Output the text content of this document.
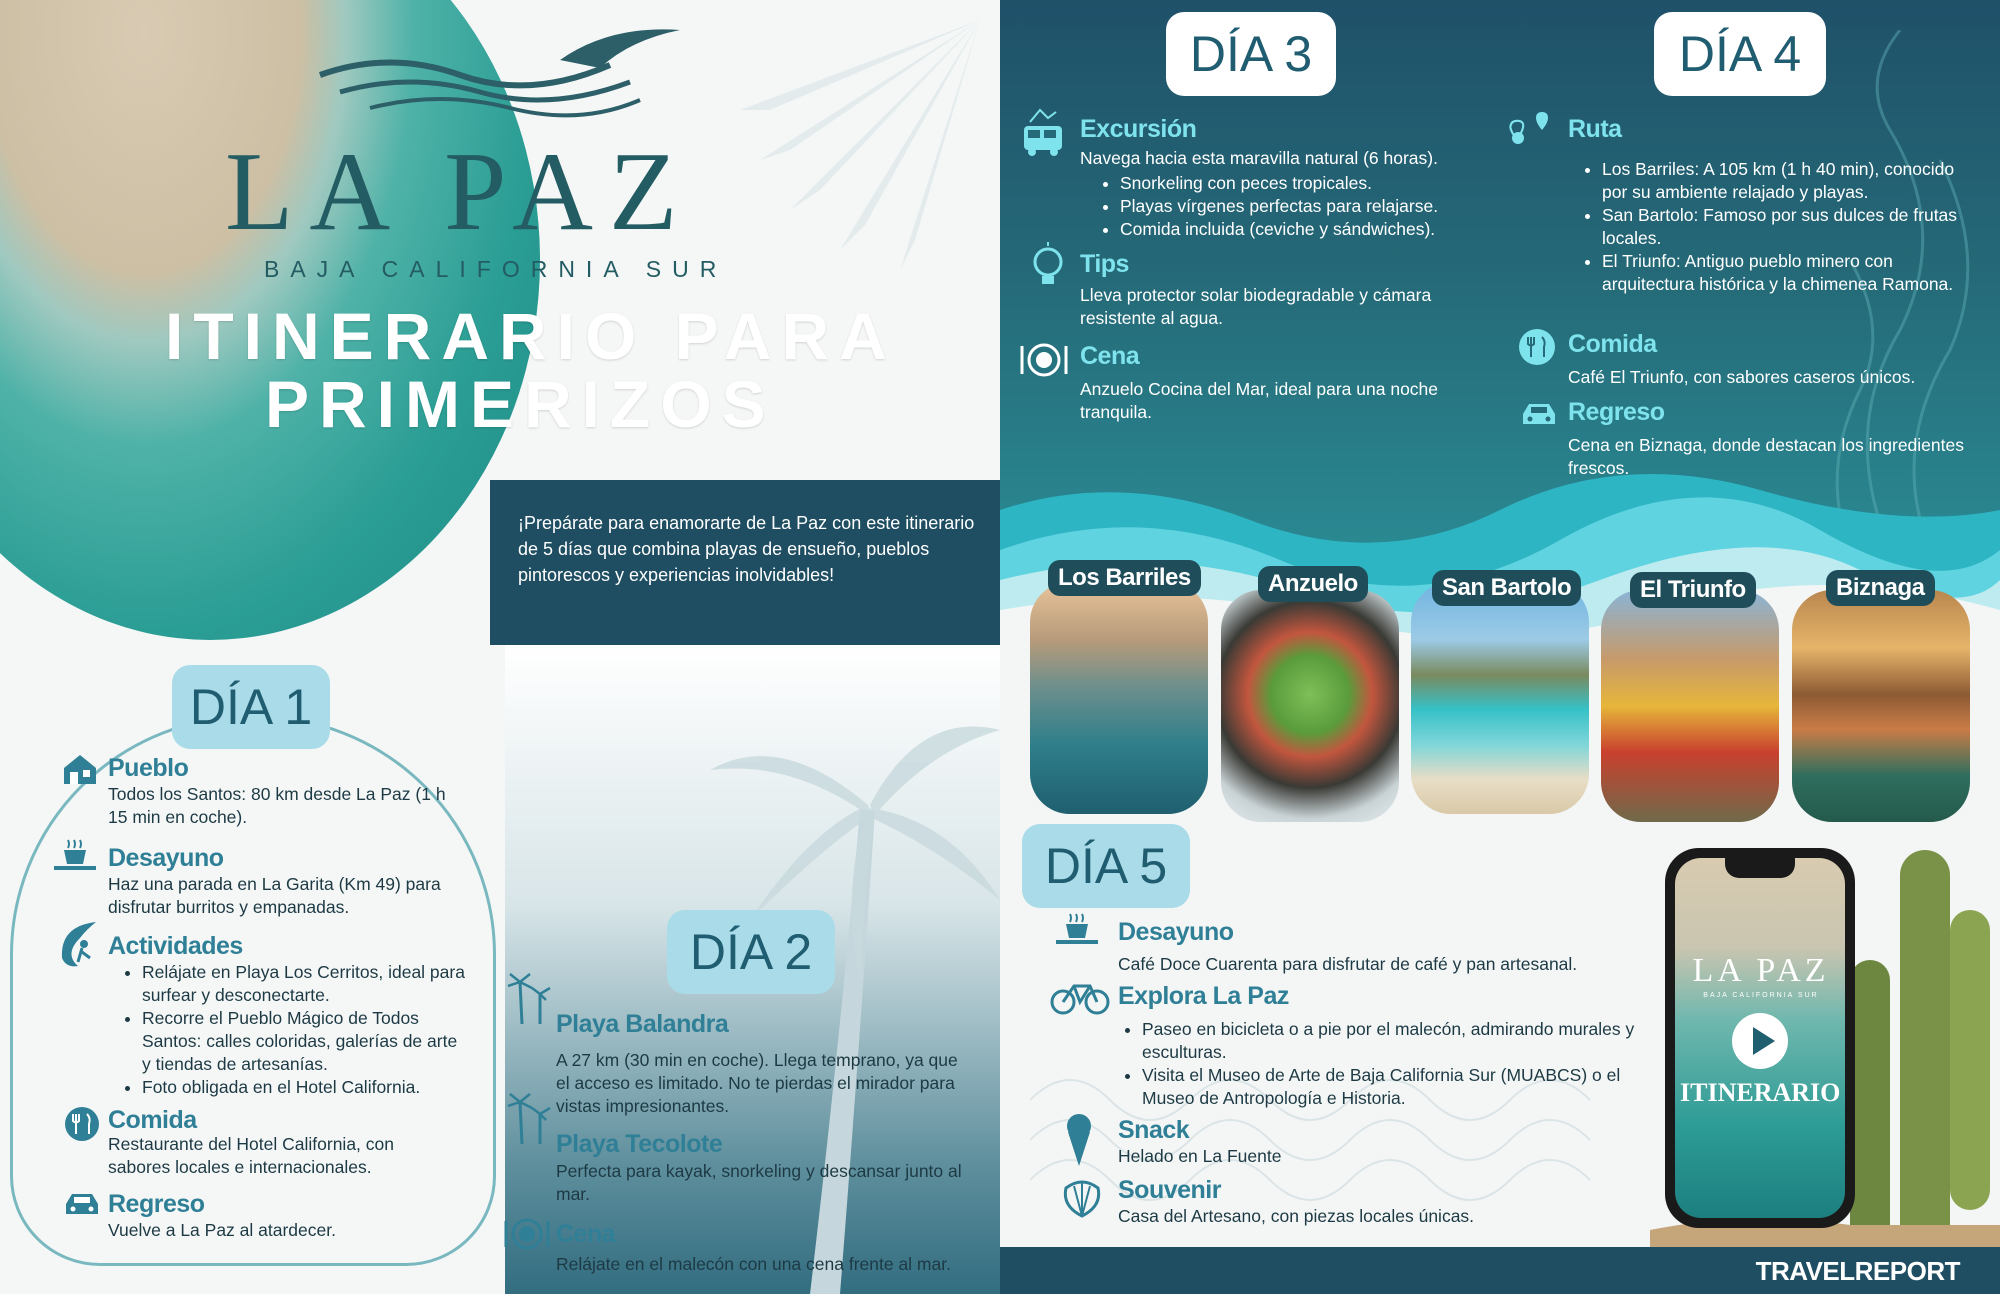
LA PAZ
BAJA CALIFORNIA SUR
ITINERARIO PARA
PRIMERIZOS
¡Prepárate para enamorarte de La Paz con este itinerario de 5 días que combina playas de ensueño, pueblos pintorescos y experiencias inolvidables!
DÍA 1
Pueblo
Todos los Santos: 80 km desde La Paz (1 h 15 min en coche).
Desayuno
Haz una parada en La Garita (Km 49) para disfrutar burritos y empanadas.
Actividades
• Relájate en Playa Los Cerritos, ideal para surfear y desconectarte.
• Recorre el Pueblo Mágico de Todos Santos: calles coloridas, galerías de arte y tiendas de artesanías.
• Foto obligada en el Hotel California.
Comida
Restaurante del Hotel California, con sabores locales e internacionales.
Regreso
Vuelve a La Paz al atardecer.
DÍA 2
Playa Balandra
A 27 km (30 min en coche). Llega temprano, ya que el acceso es limitado. No te pierdas el mirador para vistas impresionantes.
Playa Tecolote
Perfecta para kayak, snorkeling y descansar junto al mar.
Cena
Relájate en el malecón con una cena frente al mar.
DÍA 3
Excursión
Navega hacia esta maravilla natural (6 horas).
• Snorkeling con peces tropicales.
• Playas vírgenes perfectas para relajarse.
• Comida incluida (ceviche y sándwiches).
Tips
Lleva protector solar biodegradable y cámara resistente al agua.
Cena
Anzuelo Cocina del Mar, ideal para una noche tranquila.
DÍA 4
Ruta
• Los Barriles: A 105 km (1 h 40 min), conocido por su ambiente relajado y playas.
• San Bartolo: Famoso por sus dulces de frutas locales.
• El Triunfo: Antiguo pueblo minero con arquitectura histórica y la chimenea Ramona.
Comida
Café El Triunfo, con sabores caseros únicos.
Regreso
Cena en Biznaga, donde destacan los ingredientes frescos.
Los Barriles	Anzuelo	San Bartolo	El Triunfo	Biznaga
DÍA 5
Desayuno
Café Doce Cuarenta para disfrutar de café y pan artesanal.
Explora La Paz
• Paseo en bicicleta o a pie por el malecón, admirando murales y esculturas.
• Visita el Museo de Arte de Baja California Sur (MUABCS) o el Museo de Antropología e Historia.
Snack
Helado en La Fuente
Souvenir
Casa del Artesano, con piezas locales únicas.
LA PAZ
BAJA CALIFORNIA SUR
ITINERARIO
TRAVELREPORT
